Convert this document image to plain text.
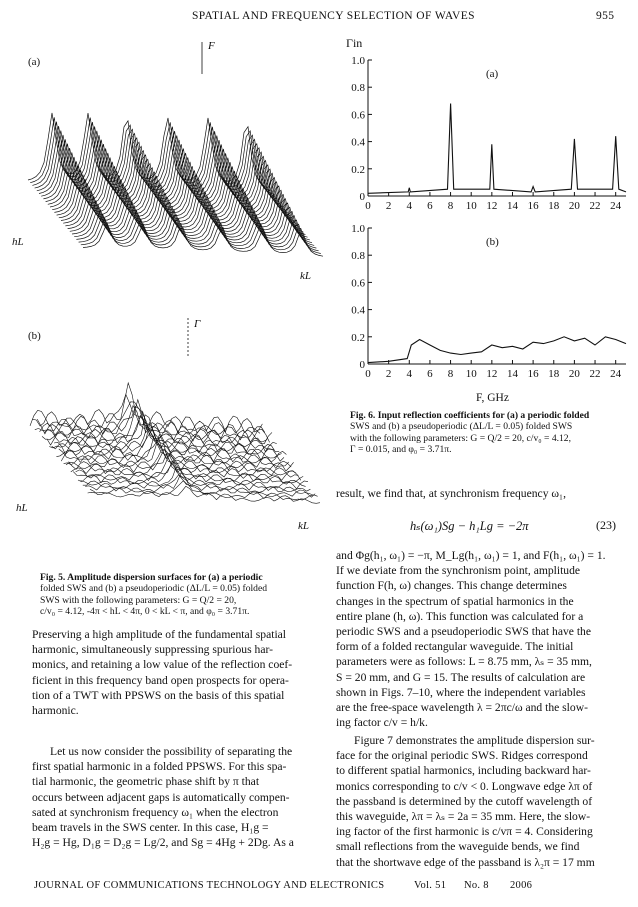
SPATIAL AND FREQUENCY SELECTION OF WAVES	955
(a)
F
hL
kL
(b)
Γ
hL
kL
Fig. 5. Amplitude dispersion surfaces for (a) a periodic
folded SWS and (b) a pseudoperiodic (ΔL/L = 0.05) folded
SWS with the following parameters: G = Q/2 = 20,
c/v₀ = 4.12, -4π < hL < 4π, 0 < kL < π, and φ₀ = 3.71π.
Preserving a high amplitude of the fundamental spatial
harmonic, simultaneously suppressing spurious har-
monics, and retaining a low value of the reflection coef-
ficient in this frequency band open prospects for opera-
tion of a TWT with PPSWS on the basis of this spatial
harmonic.
Let us now consider the possibility of separating the
first spatial harmonic in a folded PPSWS. For this spa-
tial harmonic, the geometric phase shift by π that
occurs between adjacent gaps is automatically compen-
sated at synchronism frequency ω₁ when the electron
beam travels in the SWS center. In this case, H₁g =
H₂g = Hg, D₁g = D₂g = Lg/2, and Sg = 4Hg + 2Dg. As a
1.0
0.8
0.6
0.4
0.2
0
0 2 4 6 8 10 12 14 16 18 20 22 24
1.0
0.8
0.6
0.4
0.2
0
0 2 4 6 8 10 12 14 16 18 20 22 24
Γin
(a)
(b)
F, GHz
Fig. 6. Input reflection coefficients for (a) a periodic folded
SWS and (b) a pseudoperiodic (ΔL/L = 0.05) folded SWS
with the following parameters: G = Q/2 = 20, c/v₀ = 4.12,
Γ = 0.015, and φ₀ = 3.71π.
result, we find that, at synchronism frequency ω₁,
hₛ(ω₁)Sg − h₁Lg = −2π	(23)
and Φg(h₁, ω₁) = −π, M_Lg(h₁, ω₁) = 1, and F(h₁, ω₁) = 1.
If we deviate from the synchronism point, amplitude
function F(h, ω) changes. This change determines
changes in the spectrum of spatial harmonics in the
entire plane (h, ω). This function was calculated for a
periodic SWS and a pseudoperiodic SWS that have the
form of a folded rectangular waveguide. The initial
parameters were as follows: L = 8.75 mm, λₛ = 35 mm,
S = 20 mm, and G = 15. The results of calculation are
shown in Figs. 7–10, where the independent variables
are the free-space wavelength λ = 2πc/ω and the slow-
ing factor c/v = h/k.
Figure 7 demonstrates the amplitude dispersion sur-
face for the original periodic SWS. Ridges correspond
to different spatial harmonics, including backward har-
monics corresponding to c/v < 0. Longwave edge λπ of
the passband is determined by the cutoff wavelength of
this waveguide, λπ = λₛ = 2a = 35 mm. Here, the slow-
ing factor of the first harmonic is c/vπ = 4. Considering
small reflections from the waveguide bends, we find
that the shortwave edge of the passband is λ₂π = 17 mm
JOURNAL OF COMMUNICATIONS TECHNOLOGY AND ELECTRONICS	Vol. 51 No. 8 2006
